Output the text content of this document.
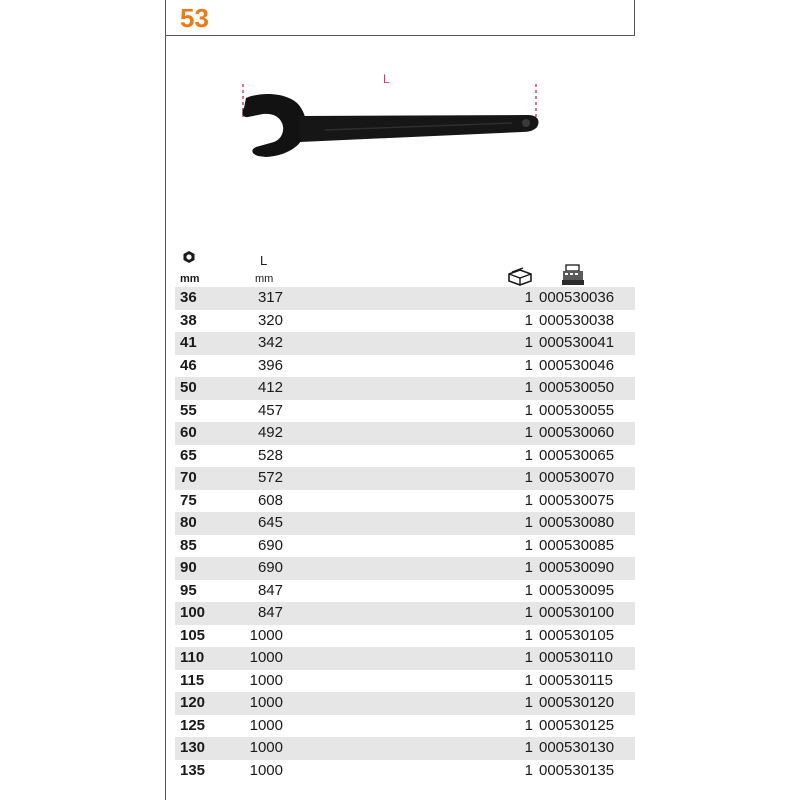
53
L
mm
L
mm
36	317	1 000530036
38	320	1 000530038
41	342	1 000530041
46	396	1 000530046
50	412	1 000530050
55	457	1 000530055
60	492	1 000530060
65	528	1 000530065
70	572	1 000530070
75	608	1 000530075
80	645	1 000530080
85	690	1 000530085
90	690	1 000530090
95	847	1 000530095
100	847	1 000530100
105	1000	1 000530105
110	1000	1 000530110
115	1000	1 000530115
120	1000	1 000530120
125	1000	1 000530125
130	1000	1 000530130
135	1000	1 000530135
